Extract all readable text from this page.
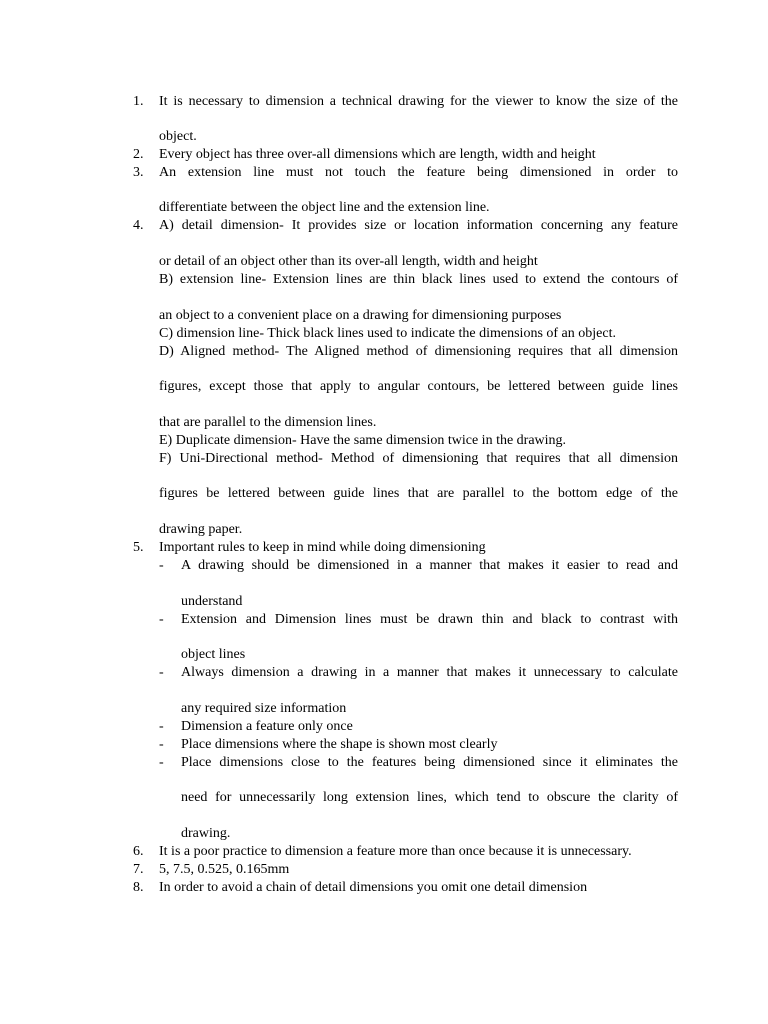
1. It is necessary to dimension a technical drawing for the viewer to know the size of the
object.
2. Every object has three over-all dimensions which are length, width and height
3. An extension line must not touch the feature being dimensioned in order to
differentiate between the object line and the extension line.
4. A) detail dimension- It provides size or location information concerning any feature
or detail of an object other than its over-all length, width and height
B) extension line- Extension lines are thin black lines used to extend the contours of
an object to a convenient place on a drawing for dimensioning purposes
C) dimension line- Thick black lines used to indicate the dimensions of an object.
D) Aligned method- The Aligned method of dimensioning requires that all dimension
figures, except those that apply to angular contours, be lettered between guide lines
that are parallel to the dimension lines.
E) Duplicate dimension- Have the same dimension twice in the drawing.
F) Uni-Directional method- Method of dimensioning that requires that all dimension
figures be lettered between guide lines that are parallel to the bottom edge of the
drawing paper.
5. Important rules to keep in mind while doing dimensioning
- A drawing should be dimensioned in a manner that makes it easier to read and
understand
- Extension and Dimension lines must be drawn thin and black to contrast with
object lines
- Always dimension a drawing in a manner that makes it unnecessary to calculate
any required size information
- Dimension a feature only once
- Place dimensions where the shape is shown most clearly
- Place dimensions close to the features being dimensioned since it eliminates the
need for unnecessarily long extension lines, which tend to obscure the clarity of
drawing.
6. It is a poor practice to dimension a feature more than once because it is unnecessary.
7. 5, 7.5, 0.525, 0.165mm
8. In order to avoid a chain of detail dimensions you omit one detail dimension
